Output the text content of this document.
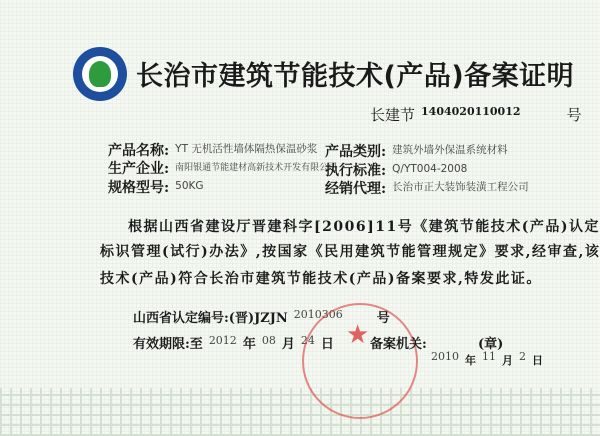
长治市建筑节能技术(产品)备案证明
长建节 $^{1404020110012}$	号
产品名称: YT 无机活性墙体隔热保温砂浆 产品类别: 建筑外墙外保温系统材料
生产企业: 南阳银通节能建材高新技术开发有限公司
执行标准: Q/YT004-2008
规格型号: 50KG	经销代理: 长治市正大装饰装潢工程公司
根据山西省建设厅晋建科字[2006]11号《建筑节能技术(产品)认定
标识管理(试行)办法》,按国家《民用建筑节能管理规定》要求,经审查,该
技术(产品)符合长治市建筑节能技术(产品)备案要求,特发此证。
山西省认定编号:(晋)JZJN $^{2010306}$	号
有效期限:至 $^{2012}$ 年 $^{08}$ 月 $^{24}$ 日 ★ 备案机关:	(章)
2010 年 11 月 2 日
